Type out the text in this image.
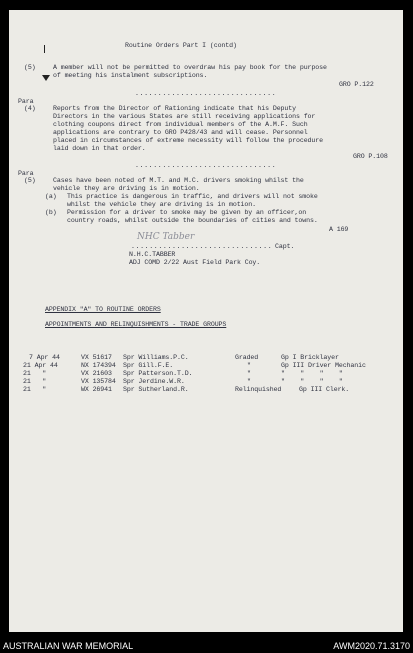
Routine Orders Part I (contd)
(5)	A member will not be permitted to overdraw his pay book for the purpose
of meeting his instalment subscriptions.
GRO P.122
...............................
Para
(4)	Reports from the Director of Rationing indicate that his Deputy
Directors in the various States are still receiving applications for
clothing coupons direct from individual members of the A.M.F. Such
applications are contrary to GRO P428/43 and will cease. Personnel
placed in circumstances of extreme necessity will follow the procedure
laid down in that order.
GRO P.108
...............................
Para
(5)	Cases have been noted of M.T. and M.C. drivers smoking whilst the
vehicle they are driving is in motion.
(a) This practice is dangerous in traffic, and drivers will not smoke
whilst the vehicle they are driving is in motion.
(b) Permission for a driver to smoke may be given by an officer,on
country roads, whilst outside the boundaries of cities and towns.
A 169
NHC Tabber
............................... Capt.
N.H.C.TABBER
ADJ COMD 2/22 Aust Field Park Coy.
APPENDIX "A" TO ROUTINE ORDERS
APPOINTMENTS AND RELINQUISHMENTS - TRADE GROUPS
7 Apr 44	VX 51617 Spr Williams.P.C.	Graded	Gp I Bricklayer
21 Apr 44	NX 174394 Spr Gill.F.E.	"	Gp III Driver Mechanic
21   "	VX 21603 Spr Patterson.T.D.	"	"    "    "    "
21   "	VX 135784 Spr Jerdine.W.R.	"	"    "    "    "
21   "	WX 26941 Spr Sutherland.R.	Relinquished	Gp III Clerk.
AUSTRALIAN WAR MEMORIAL	AWM2020.71.3170
